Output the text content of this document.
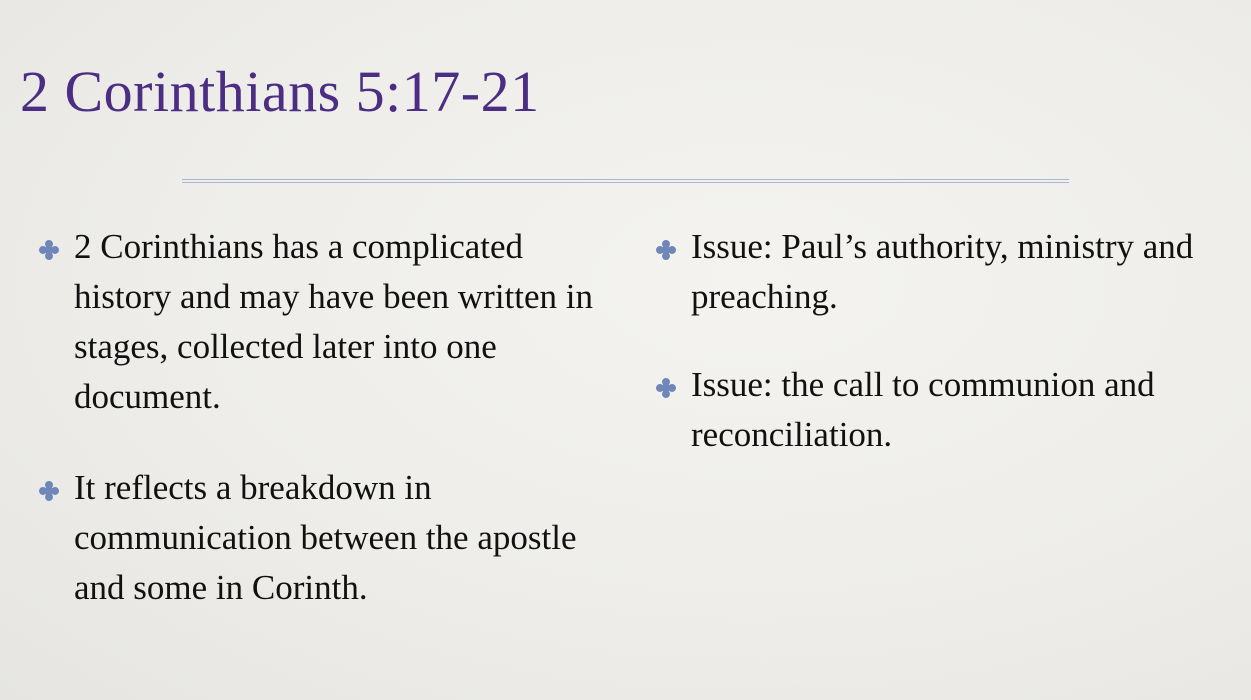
2 Corinthians 5:17-21
2 Corinthians has a complicated history and may have been written in stages, collected later into one document.
It reflects a breakdown in communication between the apostle and some in Corinth.
Issue: Paul’s authority, ministry and preaching.
Issue: the call to communion and reconciliation.
